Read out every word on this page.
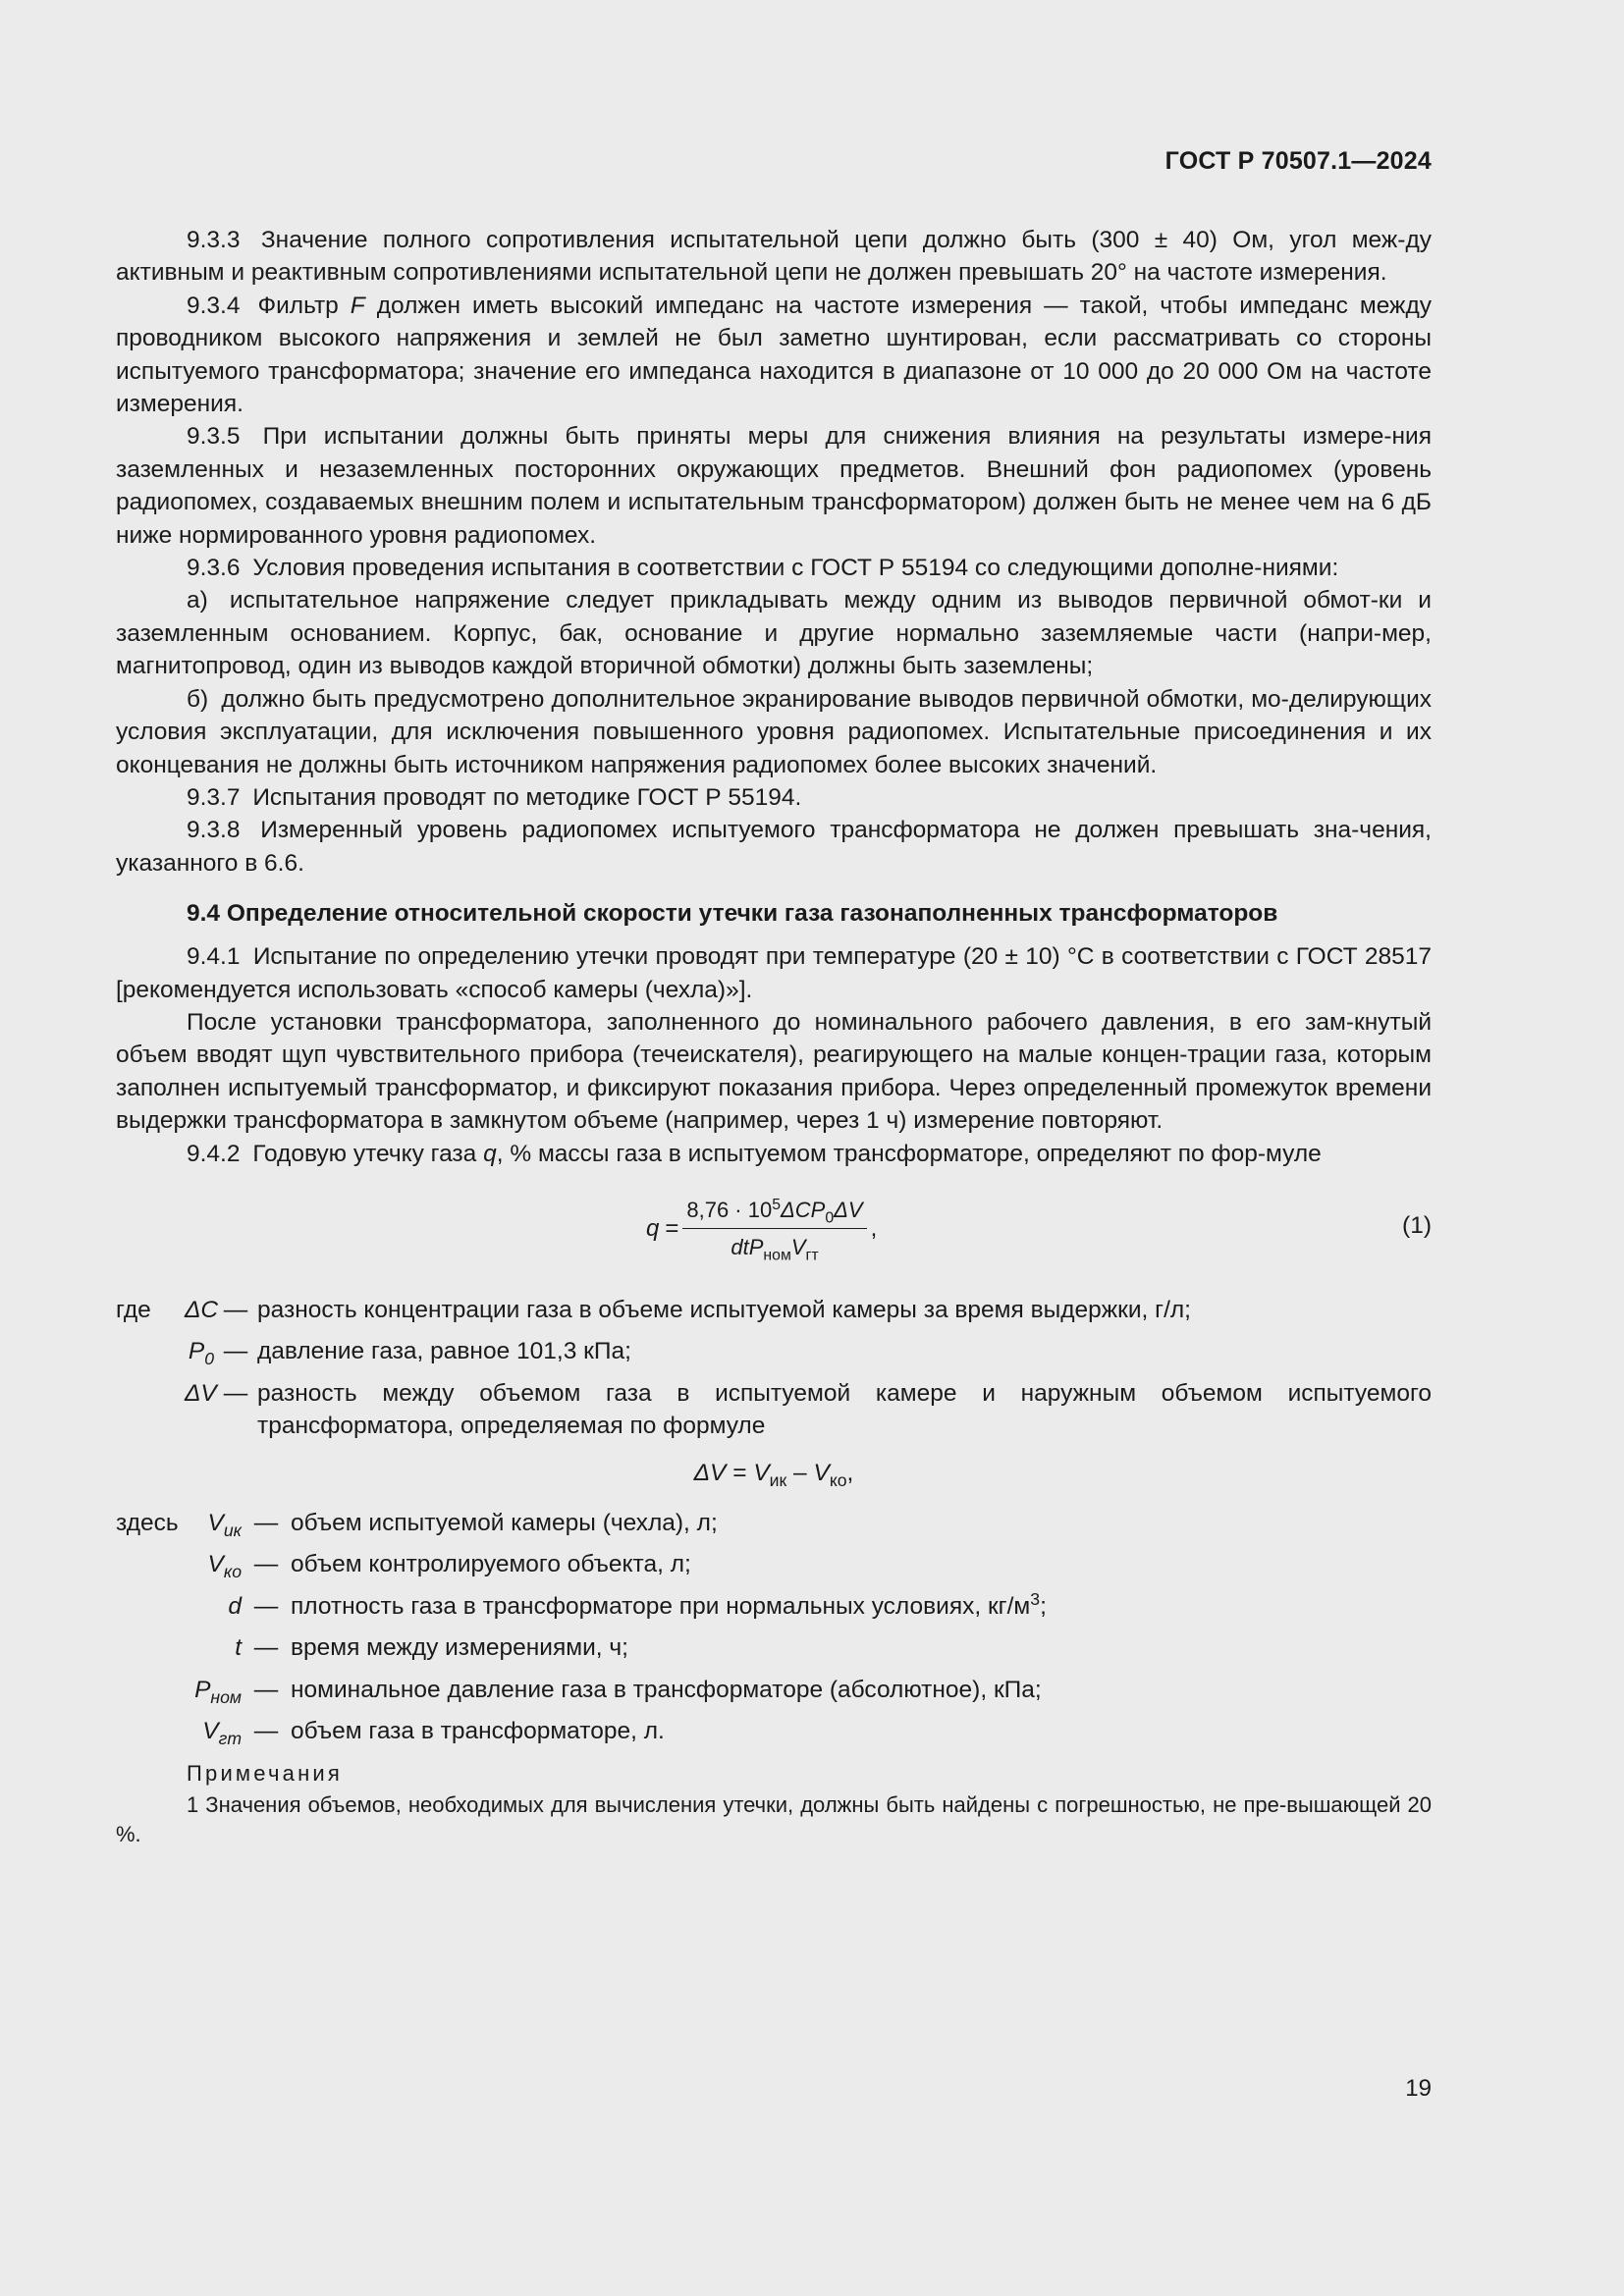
ГОСТ Р 70507.1—2024

9.3.3 Значение полного сопротивления испытательной цепи должно быть (300 ± 40) Ом, угол меж-ду активным и реактивным сопротивлениями испытательной цепи не должен превышать 20° на частоте измерения.

9.3.4 Фильтр F должен иметь высокий импеданс на частоте измерения — такой, чтобы импеданс между проводником высокого напряжения и землей не был заметно шунтирован, если рассматривать со стороны испытуемого трансформатора; значение его импеданса находится в диапазоне от 10 000 до 20 000 Ом на частоте измерения.

9.3.5 При испытании должны быть приняты меры для снижения влияния на результаты измере-ния заземленных и незаземленных посторонних окружающих предметов. Внешний фон радиопомех (уровень радиопомех, создаваемых внешним полем и испытательным трансформатором) должен быть не менее чем на 6 дБ ниже нормированного уровня радиопомех.

9.3.6 Условия проведения испытания в соответствии с ГОСТ Р 55194 со следующими дополне-ниями:

а) испытательное напряжение следует прикладывать между одним из выводов первичной обмот-ки и заземленным основанием. Корпус, бак, основание и другие нормально заземляемые части (напри-мер, магнитопровод, один из выводов каждой вторичной обмотки) должны быть заземлены;

б) должно быть предусмотрено дополнительное экранирование выводов первичной обмотки, мо-делирующих условия эксплуатации, для исключения повышенного уровня радиопомех. Испытательные присоединения и их оконцевания не должны быть источником напряжения радиопомех более высоких значений.

9.3.7 Испытания проводят по методике ГОСТ Р 55194.

9.3.8 Измеренный уровень радиопомех испытуемого трансформатора не должен превышать зна-чения, указанного в 6.6.

9.4 Определение относительной скорости утечки газа газонаполненных трансформаторов

9.4.1 Испытание по определению утечки проводят при температуре (20 ± 10) °С в соответствии с ГОСТ 28517 [рекомендуется использовать «способ камеры (чехла)»].

После установки трансформатора, заполненного до номинального рабочего давления, в его зам-кнутый объем вводят щуп чувствительного прибора (течеискателя), реагирующего на малые концен-трации газа, которым заполнен испытуемый трансформатор, и фиксируют показания прибора. Через определенный промежуток времени выдержки трансформатора в замкнутом объеме (например, через 1 ч) измерение повторяют.

9.4.2 Годовую утечку газа q, % массы газа в испытуемом трансформаторе, определяют по фор-муле

$q = \frac{8,76 \cdot 10^5\Delta CP_0\Delta V}{dtP_{ном}V_{гт}}$ ,	(1)
где	ΔC — разность концентрации газа в объеме испытуемой камеры за время выдержки, г/л;
$P_0$ — давление газа, равное 101,3 кПа;
ΔV — разность между объемом газа в испытуемой камере и наружным объемом испытуемого трансформатора, определяемая по формуле
$\Delta V = V_{ик} - V_{ко}$,
здесь	$V_{ик}$ — объем испытуемой камеры (чехла), л;
$V_{ко}$ — объем контролируемого объекта, л;
d — плотность газа в трансформаторе при нормальных условиях, $кг/м^3$;
t — время между измерениями, ч;
$P_{ном}$ — номинальное давление газа в трансформаторе (абсолютное), кПа;
$V_{гт}$ — объем газа в трансформаторе, л.
Примечания

1 Значения объемов, необходимых для вычисления утечки, должны быть найдены с погрешностью, не пре-вышающей 20 %.

19
